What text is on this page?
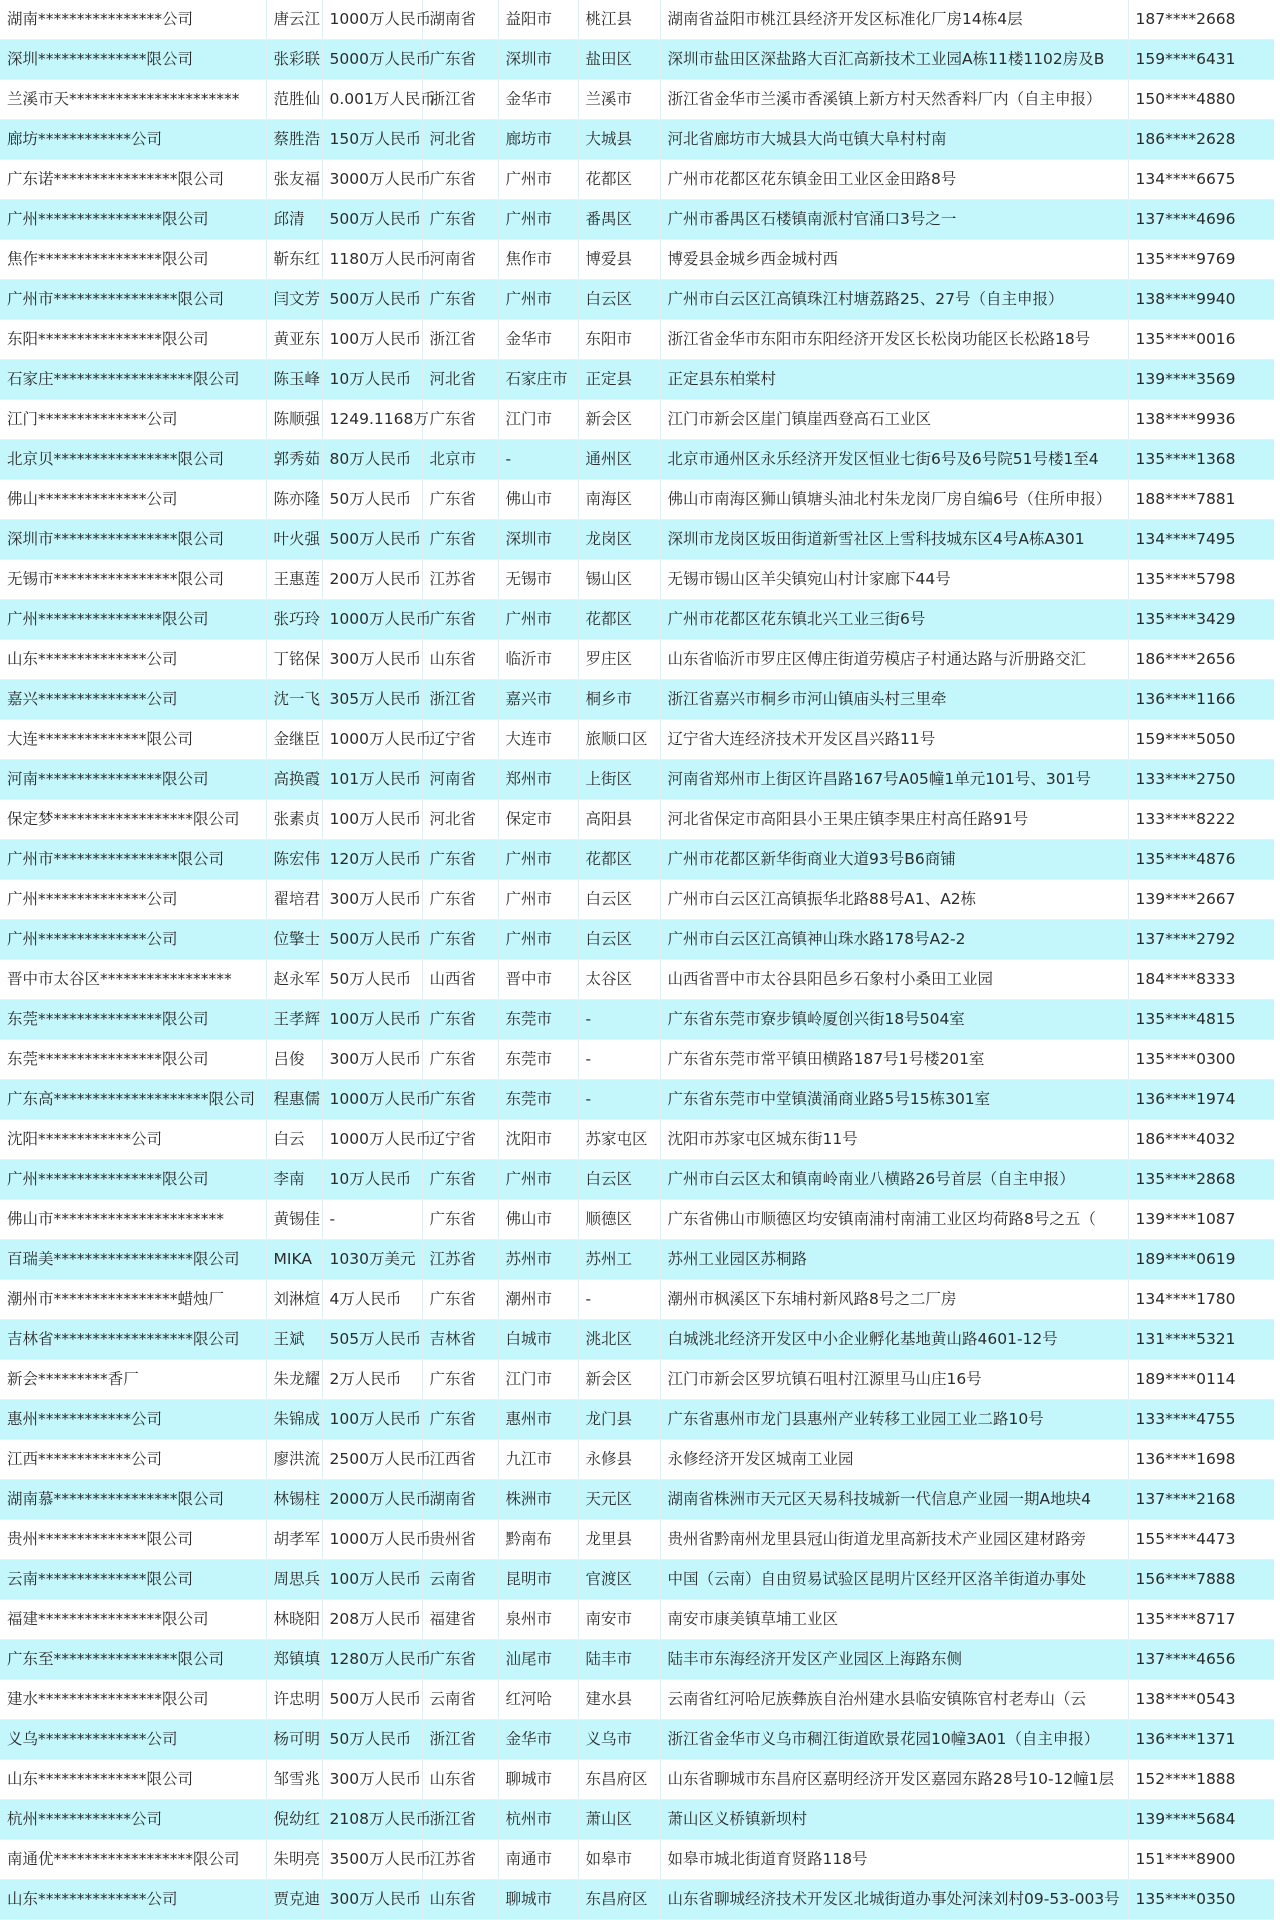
湖南****************公司	唐云江	1000万人民币	湖南省	益阳市	桃江县	湖南省益阳市桃江县经济开发区标准化厂房14栋4层	187****2668
深圳**************限公司	张彩联	5000万人民币	广东省	深圳市	盐田区	深圳市盐田区深盐路大百汇高新技术工业园A栋11楼1102房及B	159****6431
兰溪市天**********************	范胜仙	0.001万人民币	浙江省	金华市	兰溪市	浙江省金华市兰溪市香溪镇上新方村天然香料厂内（自主申报）	150****4880
廊坊************公司	蔡胜浩	150万人民币	河北省	廊坊市	大城县	河北省廊坊市大城县大尚屯镇大阜村村南	186****2628
广东诺****************限公司	张友福	3000万人民币	广东省	广州市	花都区	广州市花都区花东镇金田工业区金田路8号	134****6675
广州****************限公司	邱清	500万人民币	广东省	广州市	番禺区	广州市番禺区石楼镇南派村官涌口3号之一	137****4696
焦作****************限公司	靳东红	1180万人民币	河南省	焦作市	博爱县	博爱县金城乡西金城村西	135****9769
广州市****************限公司	闫文芳	500万人民币	广东省	广州市	白云区	广州市白云区江高镇珠江村塘荔路25、27号（自主申报）	138****9940
东阳****************限公司	黄亚东	100万人民币	浙江省	金华市	东阳市	浙江省金华市东阳市东阳经济开发区长松岗功能区长松路18号	135****0016
石家庄******************限公司	陈玉峰	10万人民币	河北省	石家庄市	正定县	正定县东柏棠村	139****3569
江门**************公司	陈顺强	1249.1168万	广东省	江门市	新会区	江门市新会区崖门镇崖西登高石工业区	138****9936
北京贝****************限公司	郭秀茹	80万人民币	北京市	-	通州区	北京市通州区永乐经济开发区恒业七街6号及6号院51号楼1至4	135****1368
佛山**************公司	陈亦隆	50万人民币	广东省	佛山市	南海区	佛山市南海区狮山镇塘头油北村朱龙岗厂房自编6号（住所申报）	188****7881
深圳市****************限公司	叶火强	500万人民币	广东省	深圳市	龙岗区	深圳市龙岗区坂田街道新雪社区上雪科技城东区4号A栋A301	134****7495
无锡市****************限公司	王惠莲	200万人民币	江苏省	无锡市	锡山区	无锡市锡山区羊尖镇宛山村计家廊下44号	135****5798
广州****************限公司	张巧玲	1000万人民币	广东省	广州市	花都区	广州市花都区花东镇北兴工业三街6号	135****3429
山东**************公司	丁铭保	300万人民币	山东省	临沂市	罗庄区	山东省临沂市罗庄区傅庄街道劳模店子村通达路与沂册路交汇	186****2656
嘉兴**************公司	沈一飞	305万人民币	浙江省	嘉兴市	桐乡市	浙江省嘉兴市桐乡市河山镇庙头村三里牵	136****1166
大连**************限公司	金继臣	1000万人民币	辽宁省	大连市	旅顺口区	辽宁省大连经济技术开发区昌兴路11号	159****5050
河南****************限公司	高换霞	101万人民币	河南省	郑州市	上街区	河南省郑州市上街区许昌路167号A05幢1单元101号、301号	133****2750
保定梦******************限公司	张素贞	100万人民币	河北省	保定市	高阳县	河北省保定市高阳县小王果庄镇李果庄村高任路91号	133****8222
广州市****************限公司	陈宏伟	120万人民币	广东省	广州市	花都区	广州市花都区新华街商业大道93号B6商铺	135****4876
广州**************公司	翟培君	300万人民币	广东省	广州市	白云区	广州市白云区江高镇振华北路88号A1、A2栋	139****2667
广州**************公司	位擎士	500万人民币	广东省	广州市	白云区	广州市白云区江高镇神山珠水路178号A2-2	137****2792
晋中市太谷区*****************	赵永军	50万人民币	山西省	晋中市	太谷区	山西省晋中市太谷县阳邑乡石象村小桑田工业园	184****8333
东莞****************限公司	王孝辉	100万人民币	广东省	东莞市	-	广东省东莞市寮步镇岭厦创兴街18号504室	135****4815
东莞****************限公司	吕俊	300万人民币	广东省	东莞市	-	广东省东莞市常平镇田横路187号1号楼201室	135****0300
广东高********************限公司	程惠儒	1000万人民币	广东省	东莞市	-	广东省东莞市中堂镇潢涌商业路5号15栋301室	136****1974
沈阳************公司	白云	1000万人民币	辽宁省	沈阳市	苏家屯区	沈阳市苏家屯区城东街11号	186****4032
广州****************限公司	李南	10万人民币	广东省	广州市	白云区	广州市白云区太和镇南岭南业八横路26号首层（自主申报）	135****2868
佛山市**********************	黄锡佳	-	广东省	佛山市	顺德区	广东省佛山市顺德区均安镇南浦村南浦工业区均荷路8号之五（	139****1087
百瑞美******************限公司	MIKA	1030万美元	江苏省	苏州市	苏州工	苏州工业园区苏桐路	189****0619
潮州市****************蜡烛厂	刘淋煊	4万人民币	广东省	潮州市	-	潮州市枫溪区下东埔村新风路8号之二厂房	134****1780
吉林省******************限公司	王斌	505万人民币	吉林省	白城市	洮北区	白城洮北经济开发区中小企业孵化基地黄山路4601-12号	131****5321
新会*********香厂	朱龙耀	2万人民币	广东省	江门市	新会区	江门市新会区罗坑镇石咀村江源里马山庄16号	189****0114
惠州************公司	朱锦成	100万人民币	广东省	惠州市	龙门县	广东省惠州市龙门县惠州产业转移工业园工业二路10号	133****4755
江西************公司	廖洪流	2500万人民币	江西省	九江市	永修县	永修经济开发区城南工业园	136****1698
湖南慕****************限公司	林锡柱	2000万人民币	湖南省	株洲市	天元区	湖南省株洲市天元区天易科技城新一代信息产业园一期A地块4	137****2168
贵州**************限公司	胡孝军	1000万人民币	贵州省	黔南布	龙里县	贵州省黔南州龙里县冠山街道龙里高新技术产业园区建材路旁	155****4473
云南**************限公司	周思兵	100万人民币	云南省	昆明市	官渡区	中国（云南）自由贸易试验区昆明片区经开区洛羊街道办事处	156****7888
福建****************限公司	林晓阳	208万人民币	福建省	泉州市	南安市	南安市康美镇草埔工业区	135****8717
广东至****************限公司	郑镇填	1280万人民币	广东省	汕尾市	陆丰市	陆丰市东海经济开发区产业园区上海路东侧	137****4656
建水****************限公司	许忠明	500万人民币	云南省	红河哈	建水县	云南省红河哈尼族彝族自治州建水县临安镇陈官村老寿山（云	138****0543
义乌**************公司	杨可明	50万人民币	浙江省	金华市	义乌市	浙江省金华市义乌市稠江街道欧景花园10幢3A01（自主申报）	136****1371
山东**************限公司	邹雪兆	300万人民币	山东省	聊城市	东昌府区	山东省聊城市东昌府区嘉明经济开发区嘉园东路28号10-12幢1层	152****1888
杭州************公司	倪幼红	2108万人民币	浙江省	杭州市	萧山区	萧山区义桥镇新坝村	139****5684
南通优******************限公司	朱明亮	3500万人民币	江苏省	南通市	如皋市	如皋市城北街道育贤路118号	151****8900
山东**************公司	贾克迪	300万人民币	山东省	聊城市	东昌府区	山东省聊城经济技术开发区北城街道办事处河涞刘村09-53-003号	135****0350
